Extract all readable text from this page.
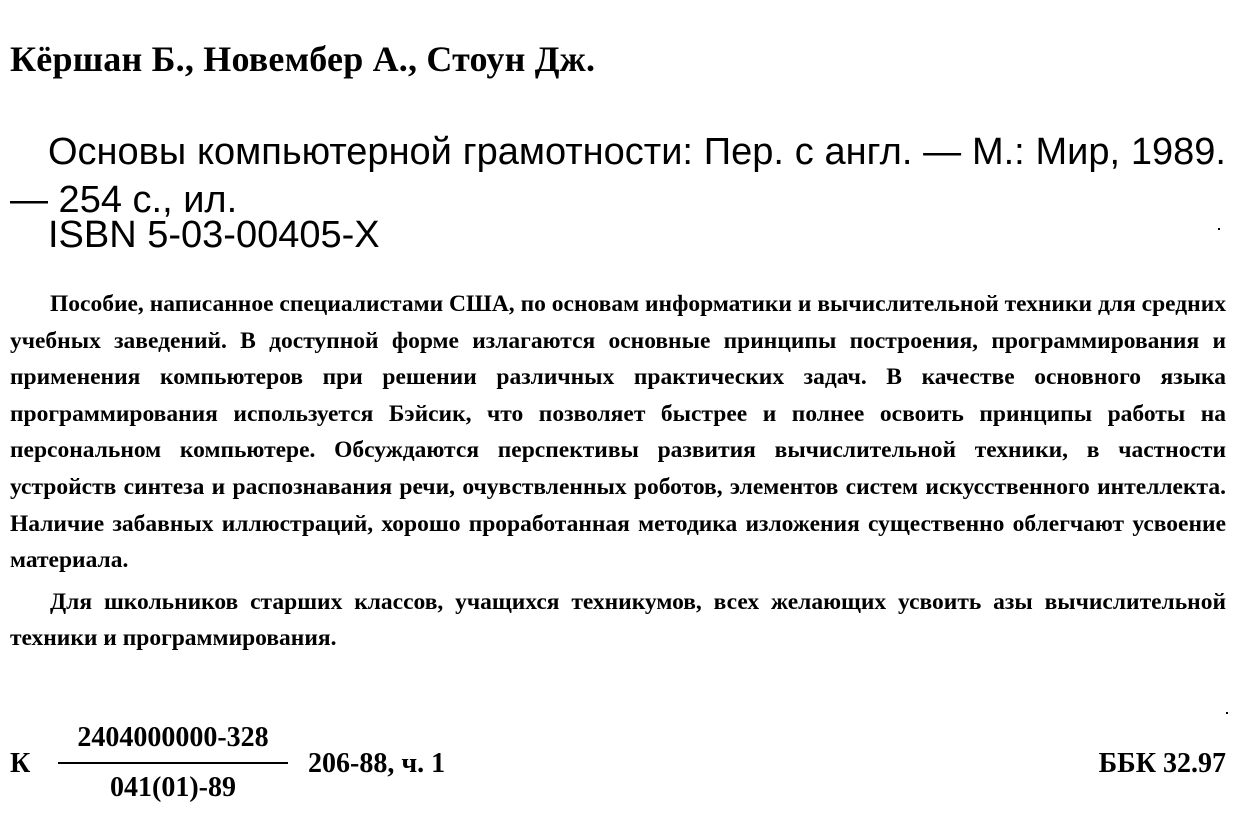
Кёршан Б., Новембер А., Стоун Дж.
Основы компьютерной грамотности: Пер. с англ. — М.: Мир, 1989. — 254 с., ил.
ISBN 5-03-00405-X

Пособие, написанное специалистами США, по основам информатики и вычислительной техники для средних учебных заведений. В доступной форме излагаются основные принципы построения, программирования и применения компьютеров при решении различных практических задач. В качестве основного языка программирования используется Бэйсик, что позволяет быстрее и полнее освоить принципы работы на персональном компьютере. Обсуждаются перспективы развития вычислительной техники, в частности устройств синтеза и распознавания речи, очувствленных роботов, элементов систем искусственного интеллекта. Наличие забавных иллюстраций, хорошо проработанная методика изложения существенно облегчают усвоение материала.

Для школьников старших классов, учащихся техникумов, всех желающих усвоить азы вычислительной техники и программирования.

К
2404000000-328
041(01)-89
206-88, ч. 1	ББК 32.97
